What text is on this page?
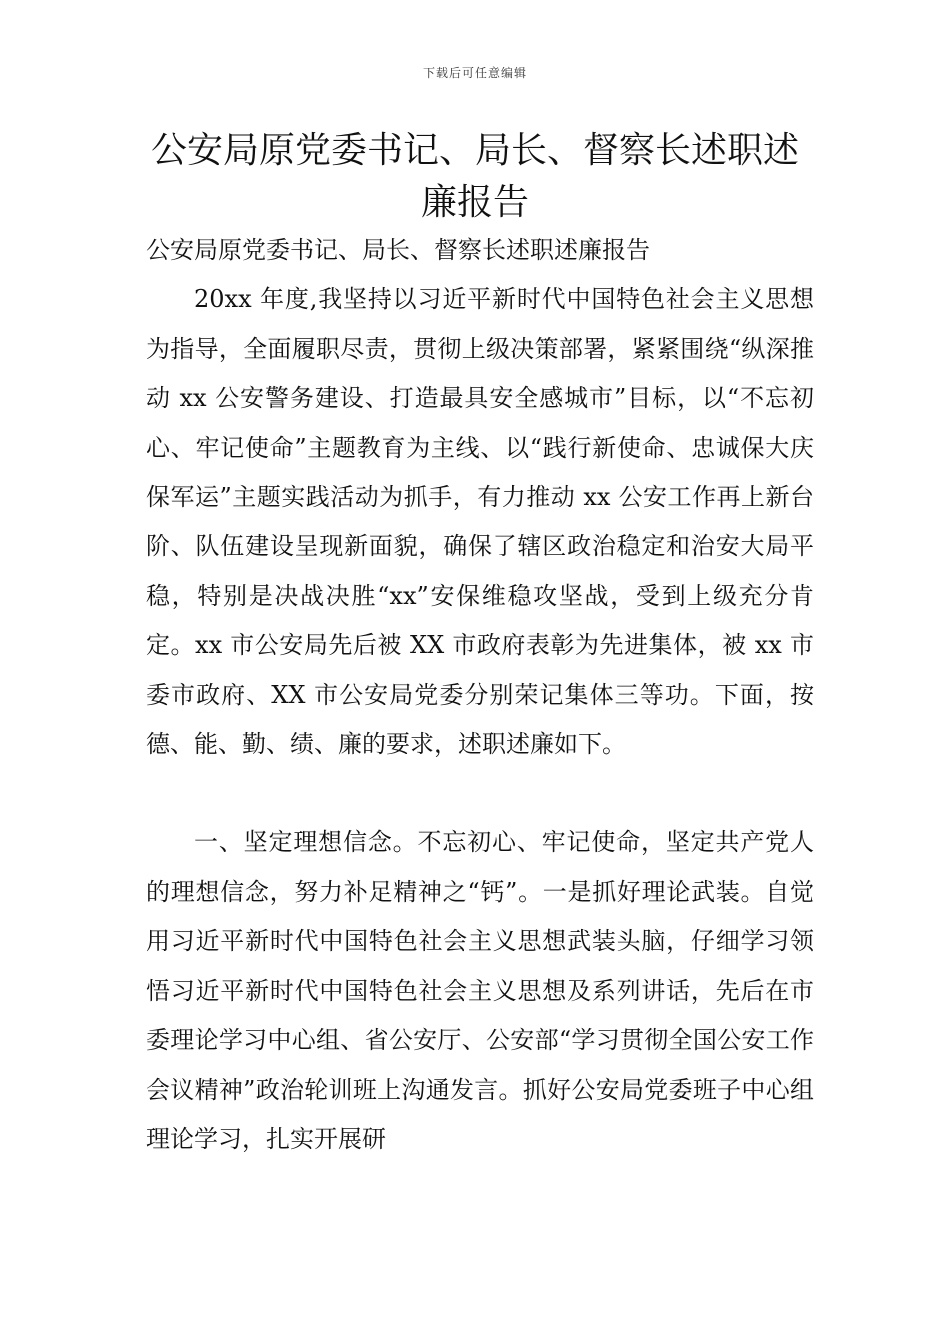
下载后可任意编辑
公安局原党委书记、局长、督察长述职述
廉报告

公安局原党委书记、局长、督察长述职述廉报告

20xx 年度,我坚持以习近平新时代中国特色社会主义思想为指导，全面履职尽责，贯彻上级决策部署，紧紧围绕“纵深推动 xx 公安警务建设、打造最具安全感城市”目标，以“不忘初心、牢记使命”主题教育为主线、以“践行新使命、忠诚保大庆保军运”主题实践活动为抓手，有力推动 xx 公安工作再上新台阶、队伍建设呈现新面貌，确保了辖区政治稳定和治安大局平稳，特别是决战决胜“xx”安保维稳攻坚战，受到上级充分肯定。xx 市公安局先后被 XX 市政府表彰为先进集体，被 xx 市委市政府、XX 市公安局党委分别荣记集体三等功。下面，按德、能、勤、绩、廉的要求，述职述廉如下。

一、坚定理想信念。不忘初心、牢记使命，坚定共产党人的理想信念，努力补足精神之“钙”。一是抓好理论武装。自觉用习近平新时代中国特色社会主义思想武装头脑，仔细学习领悟习近平新时代中国特色社会主义思想及系列讲话，先后在市委理论学习中心组、省公安厅、公安部“学习贯彻全国公安工作会议精神”政治轮训班上沟通发言。抓好公安局党委班子中心组理论学习，扎实开展研
